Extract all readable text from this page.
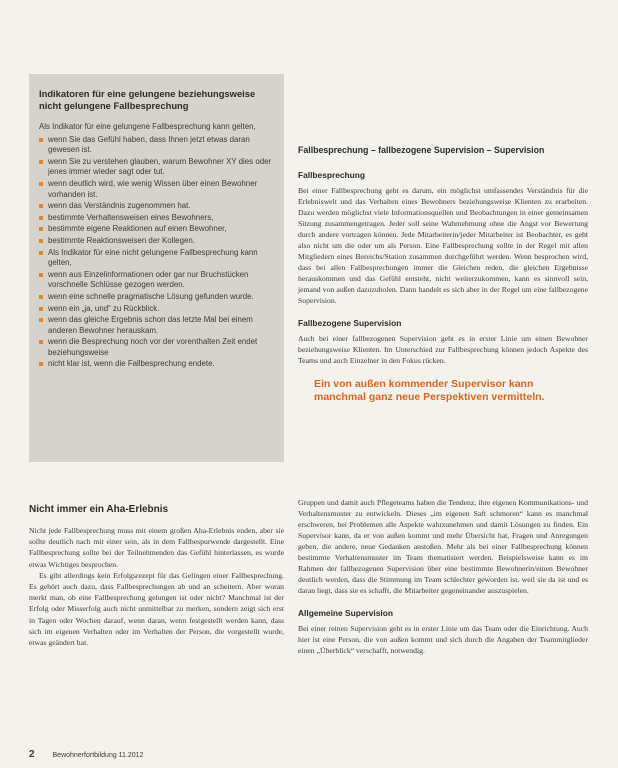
Indikatoren für eine gelungene beziehungsweise nicht gelungene Fallbesprechung

Als Indikator für eine gelungene Fallbesprechung kann gelten,

wenn Sie das Gefühl haben, dass Ihnen jetzt etwas daran gewesen ist.
wenn Sie zu verstehen glauben, warum Bewohner XY dies oder jenes immer wieder sagt oder tut.
wenn deutlich wird, wie wenig Wissen über einen Bewohner vorhanden ist.
wenn das Verständnis zugenommen hat.
bestimmte Verhaltensweisen eines Bewohners,
bestimmte eigene Reaktionen auf einen Bewohner,
bestimmte Reaktionsweisen der Kollegen.
Als Indikator für eine nicht gelungene Fallbesprechung kann gelten,
wenn aus Einzelinformationen oder gar nur Bruchstücken vorschnelle Schlüsse gezogen werden.
wenn eine schnelle pragmatische Lösung gefunden wurde.
wenn ein „ja, und“ zu Rückblick.
wenn das gleiche Ergebnis schon das letzte Mal bei einem anderen Bewohner herauskam.
wenn die Besprechung noch vor der vorenthalten Zeit endet beziehungsweise
nicht klar ist, wenn die Fallbesprechung endete.
Nicht immer ein Aha-Erlebnis

Nicht jede Fallbesprechung muss mit einem großen Aha-Erlebnis enden, aber sie sollte deutlich nach mit einer sein, als in dem Fallbespurwende dargestellt. Eine Fallbesprechung sollte bei der Teilnehmenden das Gefühl hinterlassen, es wurde etwas Wichtiges besprochen.

Es gibt allerdings kein Erfolgsrezept für das Gelingen einer Fallbesprechung. Es gehört auch dazu, dass Fallbesprechungen ab und an scheitern. Aber woran merkt man, ob eine Fallbesprechung gelungen ist oder nicht? Manchmal ist der Erfolg oder Misserfolg auch nicht unmittelbar zu merken, sondern zeigt sich erst in Tagen oder Wochen darauf, wenn daran, wenn festgestellt werden kann, dass sich im eigenen Verhalten oder im Verhalten der Person, die vorgestellt wurde, etwas geändert hat.

Fallbesprechung – fallbezogene Supervision – Supervision
Fallbesprechung

Bei einer Fallbesprechung geht es darum, ein möglichst umfassendes Verständnis für die Erlebniswelt und das Verhalten eines Bewohners beziehungsweise Klienten zu erarbeiten. Dazu werden möglichst viele Informationsquellen und Beobachtungen in einer gemeinsamen Sitzung zusammengetragen. Jeder soll seine Wahrnehmung ohne die Angst vor Bewertung durch andere vortragen können. Jede Mitarbeiterin/jeder Mitarbeiter ist Beobachter, es geht also nicht um die oder um als Person. Eine Fallbesprechung sollte in der Regel mit allen Mitgliedern eines Bereichs/Station zusammen durchgeführt werden. Wenn besprochen wird, dass bei allen Fallbesprechungen immer die Gleichen reden, die gleichen Ergebnisse herauskommen und das Gefühl entsteht, nicht weiterzukommen, kann es sinnvoll sein, jemand von außen dazuzuholen. Dann handelt es sich aber in der Regel um eine fallbezogene Supervision.

Fallbezogene Supervision

Auch bei einer fallbezogenen Supervision geht es in erster Linie um einen Bewohner beziehungsweise Klienten. Im Unterschied zur Fallbesprechung können jedoch Aspekte des Teams und auch Einzelner in den Fokus rücken.

Ein von außen kommender Supervisor kann manchmal ganz neue Perspektiven vermitteln.

Gruppen und damit auch Pflegeteams haben die Tendenz, ihre eigenen Kommunikations- und Verhaltensmuster zu entwickeln. Dieses „im eigenen Saft schmoren“ kann es manchmal erschweren, bei Problemen alle Aspekte wahrzunehmen und damit Lösungen zu finden. Ein Supervisor kann, da er von außen kommt und mehr Übersicht hat, Fragen und Anregungen geben, die andere, neue Gedanken anstoßen. Mehr als bei einer Fallbesprechung können bestimmte Verhaltensmuster im Team thematisiert werden. Beispielsweise kann es im Rahmen der fallbezogenen Supervision über eine bestimmte Bewohnerin/einen Bewohner deutlich werden, dass die Stimmung im Team schlechter geworden ist, weil sie da ist und es daran liegt, dass sie es schafft, die Mitarbeiter gegeneinander auszuspielen.

Allgemeine Supervision

Bei einer reinen Supervision geht es in erster Linie um das Team oder die Einrichtung. Auch hier ist eine Person, die von außen kommt und sich durch die Angaben der Teammitglieder einen „Überblick“ verschafft, notwendig.

2	Bewohnerfortbildung 11.2012
